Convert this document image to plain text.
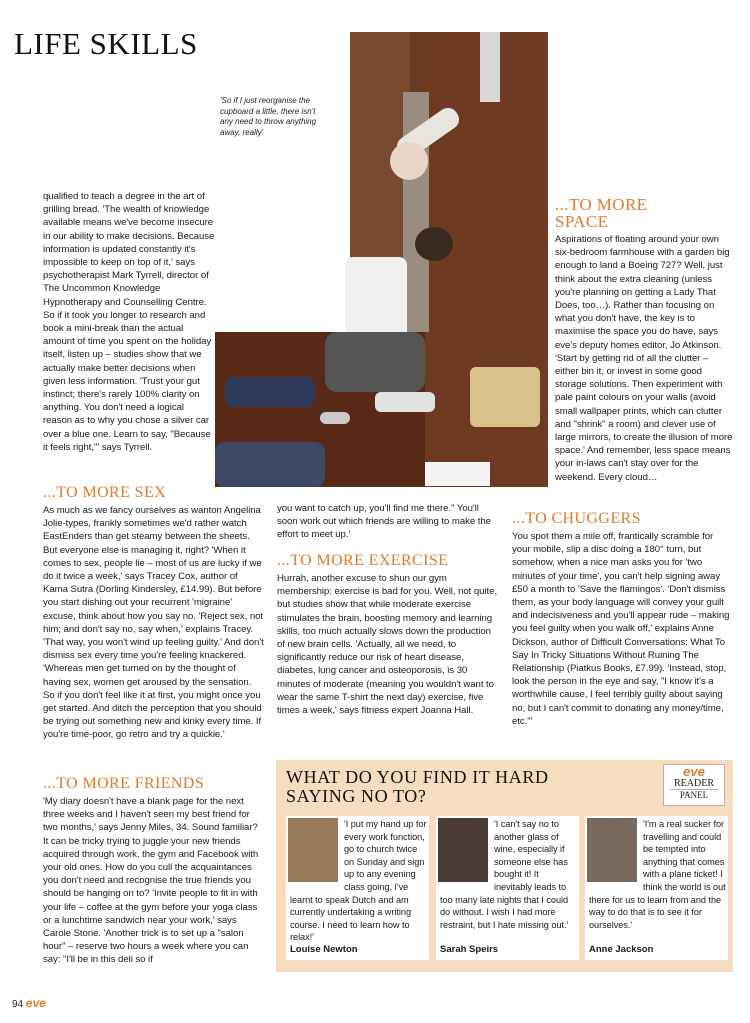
LIFE SKILLS
'So if I just reorganise the cupboard a little, there isn't any need to throw anything away, really'
qualified to teach a degree in the art of grilling bread. 'The wealth of knowledge available means we've become insecure in our ability to make decisions. Because information is updated constantly it's impossible to keep on top of it,' says psychotherapist Mark Tyrrell, director of The Uncommon Knowledge Hypnotherapy and Counselling Centre. So if it took you longer to research and book a mini-break than the actual amount of time you spent on the holiday itself, listen up – studies show that we actually make better decisions when given less information. 'Trust your gut instinct; there's rarely 100% clarity on anything. You don't need a logical reason as to why you chose a silver car over a blue one. Learn to say, "Because it feels right,"' says Tyrrell.
...TO MORE
SPACE
Aspirations of floating around your own six-bedroom farmhouse with a garden big enough to land a Boeing 727? Well, just think about the extra cleaning (unless you're planning on getting a Lady That Does, too…). Rather than focusing on what you don't have, the key is to maximise the space you do have, says eve's deputy homes editor, Jo Atkinson. 'Start by getting rid of all the clutter – either bin it, or invest in some good storage solutions. Then experiment with pale paint colours on your walls (avoid small wallpaper prints, which can clutter and "shrink" a room) and clever use of large mirrors, to create the illusion of more space.' And remember, less space means your in-laws can't stay over for the weekend. Every cloud…
...TO MORE SEX
As much as we fancy ourselves as wanton Angelina Jolie-types, frankly sometimes we'd rather watch EastEnders than get steamy between the sheets. But everyone else is managing it, right? 'When it comes to sex, people lie – most of us are lucky if we do it twice a week,' says Tracey Cox, author of Kama Sutra (Dorling Kindersley, £14.99). But before you start dishing out your recurrent 'migraine' excuse, think about how you say no. 'Reject sex, not him; and don't say no, say when,' explains Tracey. 'That way, you won't wind up feeling guilty.' And don't dismiss sex every time you're feeling knackered. 'Whereas men get turned on by the thought of having sex, women get aroused by the sensation. So if you don't feel like it at first, you might once you get started. And ditch the perception that you should be trying out something new and kinky every time. If you're time-poor, go retro and try a quickie.'
...TO MORE FRIENDS
'My diary doesn't have a blank page for the next three weeks and I haven't seen my best friend for two months,' says Jenny Miles, 34. Sound familiar? It can be tricky trying to juggle your new friends acquired through work, the gym and Facebook with your old ones. How do you cull the acquaintances you don't need and recognise the true friends you should be hanging on to? 'Invite people to fit in with your life – coffee at the gym before your yoga class or a lunchtime sandwich near your work,' says Carole Stone. 'Another trick is to set up a "salon hour" – reserve two hours a week where you can say: "I'll be in this deli so if
you want to catch up, you'll find me there." You'll soon work out which friends are willing to make the effort to meet up.'
...TO MORE EXERCISE
Hurrah, another excuse to shun our gym membership: exercise is bad for you. Well, not quite, but studies show that while moderate exercise stimulates the brain, boosting memory and learning skills, too much actually slows down the production of new brain cells. 'Actually, all we need, to significantly reduce our risk of heart disease, diabetes, lung cancer and osteoporosis, is 30 minutes of moderate (meaning you wouldn't want to wear the same T-shirt the next day) exercise, five times a week,' says fitness expert Joanna Hall.
...TO CHUGGERS
You spot them a mile off, frantically scramble for your mobile, slip a disc doing a 180° turn, but somehow, when a nice man asks you for 'two minutes of your time', you can't help signing away £50 a month to 'Save the flamingos'. 'Don't dismiss them, as your body language will convey your guilt and indecisiveness and you'll appear rude – making you feel guilty when you walk off,' explains Anne Dickson, author of Difficult Conversations: What To Say In Tricky Situations Without Ruining The Relationship (Piatkus Books, £7.99). 'Instead, stop, look the person in the eye and say, "I know it's a worthwhile cause, I feel terribly guilty about saying no, but I can't commit to donating any money/time, etc."'
WHAT DO YOU FIND IT HARD SAYING NO TO?
eve
READER
PANEL
'I put my hand up for every work function, go to church twice on Sunday and sign up to any evening class going. I've learnt to speak Dutch and am currently undertaking a writing course. I need to learn how to relax!'
Louise Newton
'I can't say no to another glass of wine, especially if someone else has bought it! It inevitably leads to too many late nights that I could do without. I wish I had more restraint, but I hate missing out.'
Sarah Speirs
'I'm a real sucker for travelling and could be tempted into anything that comes with a plane ticket! I think the world is out there for us to learn from and the way to do that is to see it for ourselves.'
Anne Jackson
94 eve
